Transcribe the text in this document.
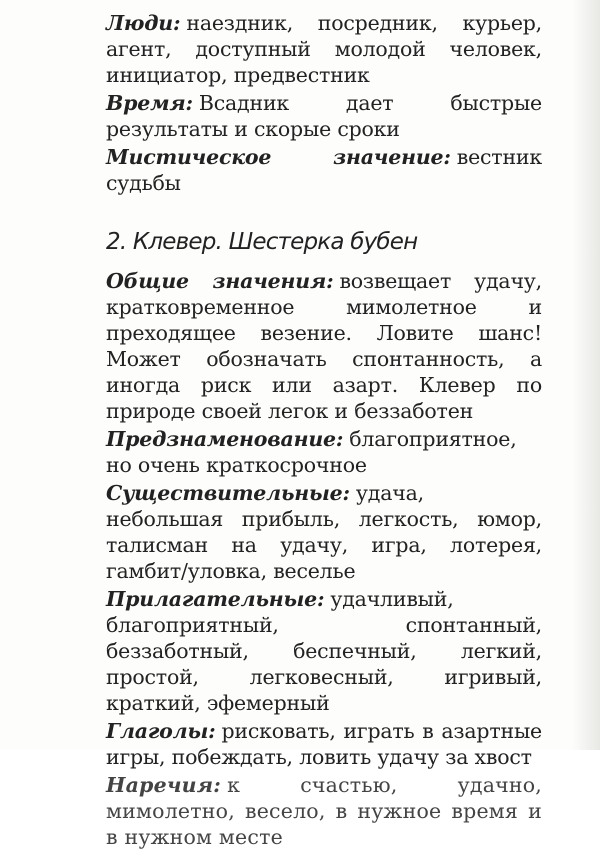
Люди: наездник, посредник, курьер, агент, доступный молодой человек, инициатор, предвестник

Время: Всадник дает быстрые результаты и скорые сроки

Мистическое значение: вестник судьбы

2. Клевер. Шестерка бубен

Общие значения: возвещает удачу, кратковременное мимолетное и преходящее везение. Ловите шанс! Может обозначать спонтанность, а иногда риск или азарт. Клевер по природе своей легок и беззаботен

Предзнаменование: благоприятное, но очень краткосрочное

Существительные: удача, небольшая прибыль, легкость, юмор, талисман на удачу, игра, лотерея, гамбит/уловка, веселье

Прилагательные: удачливый, благоприятный, спонтанный, беззаботный, беспечный, легкий, простой, легковесный, игривый, краткий, эфемерный

Глаголы: рисковать, играть в азартные игры, побеждать, ловить удачу за хвост

Наречия: к счастью, удачно, мимолетно, весело, в нужное время и в нужном месте
